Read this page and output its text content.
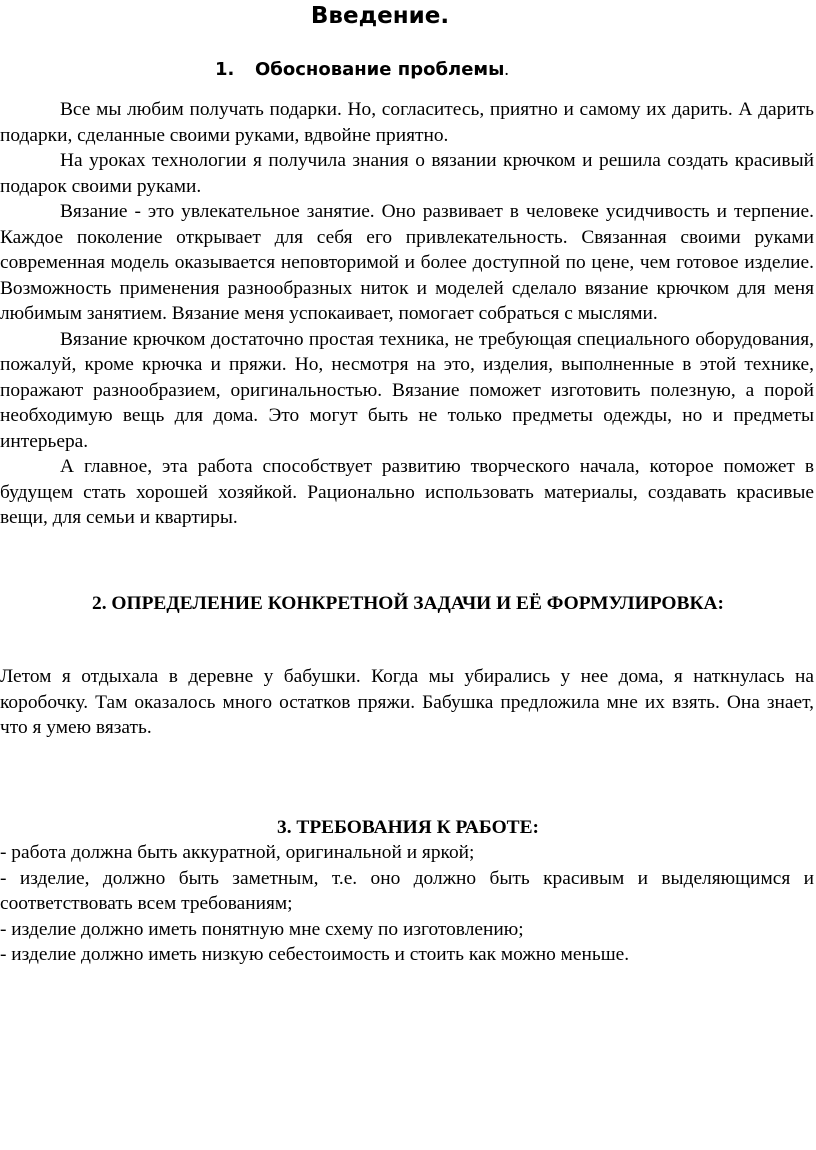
Введение.
1. Обоснование проблемы.

Все мы любим получать подарки. Но, согласитесь, приятно и самому их дарить. А дарить подарки, сделанные своими руками, вдвойне приятно.

На уроках технологии я получила знания о вязании крючком и решила создать красивый подарок своими руками.

Вязание - это увлекательное занятие. Оно развивает в человеке усидчивость и терпение. Каждое поколение открывает для себя его привлекательность. Связанная своими руками современная модель оказывается неповторимой и более доступной по цене, чем готовое изделие. Возможность применения разнообразных ниток и моделей сделало вязание крючком для меня любимым занятием. Вязание меня успокаивает, помогает собраться с мыслями.

Вязание крючком достаточно простая техника, не требующая специального оборудования, пожалуй, кроме крючка и пряжи. Но, несмотря на это, изделия, выполненные в этой технике, поражают разнообразием, оригинальностью. Вязание поможет изготовить полезную, а порой необходимую вещь для дома. Это могут быть не только предметы одежды, но и предметы интерьера.

А главное, эта работа способствует развитию творческого начала, которое поможет в будущем стать хорошей хозяйкой. Рационально использовать материалы, создавать красивые вещи, для семьи и квартиры.

2. ОПРЕДЕЛЕНИЕ КОНКРЕТНОЙ ЗАДАЧИ И ЕЁ ФОРМУЛИРОВКА:

Летом я отдыхала в деревне у бабушки. Когда мы убирались у нее дома, я наткнулась на коробочку. Там оказалось много остатков пряжи. Бабушка предложила мне их взять. Она знает, что я умею вязать.

3. ТРЕБОВАНИЯ К РАБОТЕ:
- работа должна быть аккуратной, оригинальной и яркой;
- изделие, должно быть заметным, т.е. оно должно быть красивым и выделяющимся и соответствовать всем требованиям;
- изделие должно иметь понятную мне схему по изготовлению;
- изделие должно иметь низкую себестоимость и стоить как можно меньше.
